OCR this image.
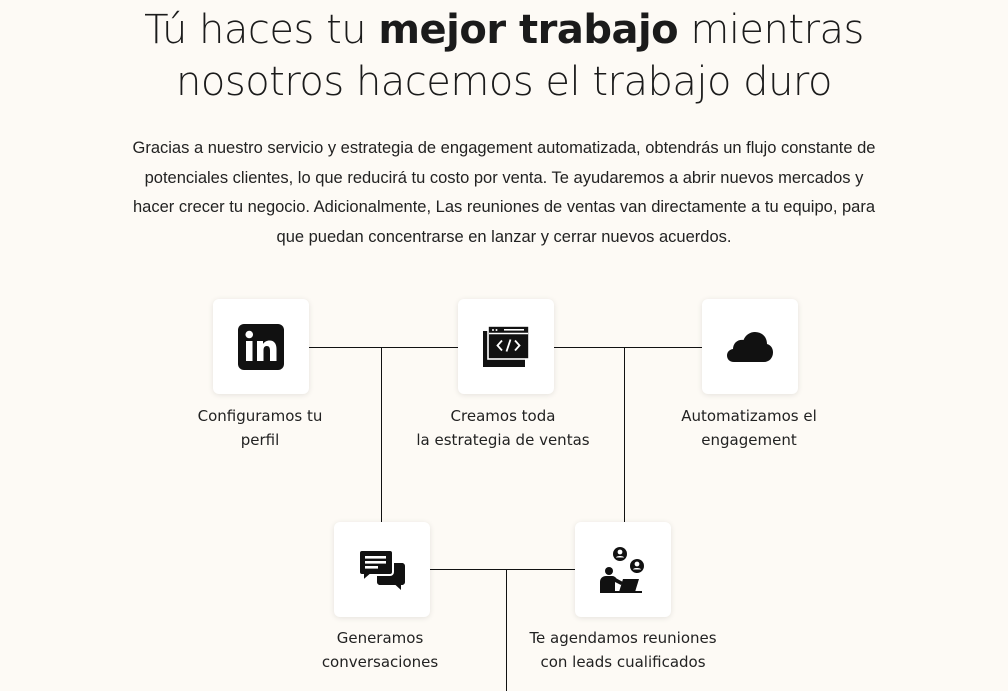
Tú haces tu mejor trabajo mientras
nosotros hacemos el trabajo duro

Gracias a nuestro servicio y estrategia de engagement automatizada, obtendrás un flujo constante de potenciales clientes, lo que reducirá tu costo por venta. Te ayudaremos a abrir nuevos mercados y hacer crecer tu negocio. Adicionalmente, Las reuniones de ventas van directamente a tu equipo, para que puedan concentrarse en lanzar y cerrar nuevos acuerdos.

Configuramos tu
perfil

Creamos toda
la estrategia de ventas

Automatizamos el
engagement

Generamos
conversaciones

Te agendamos reuniones
con leads cualificados
